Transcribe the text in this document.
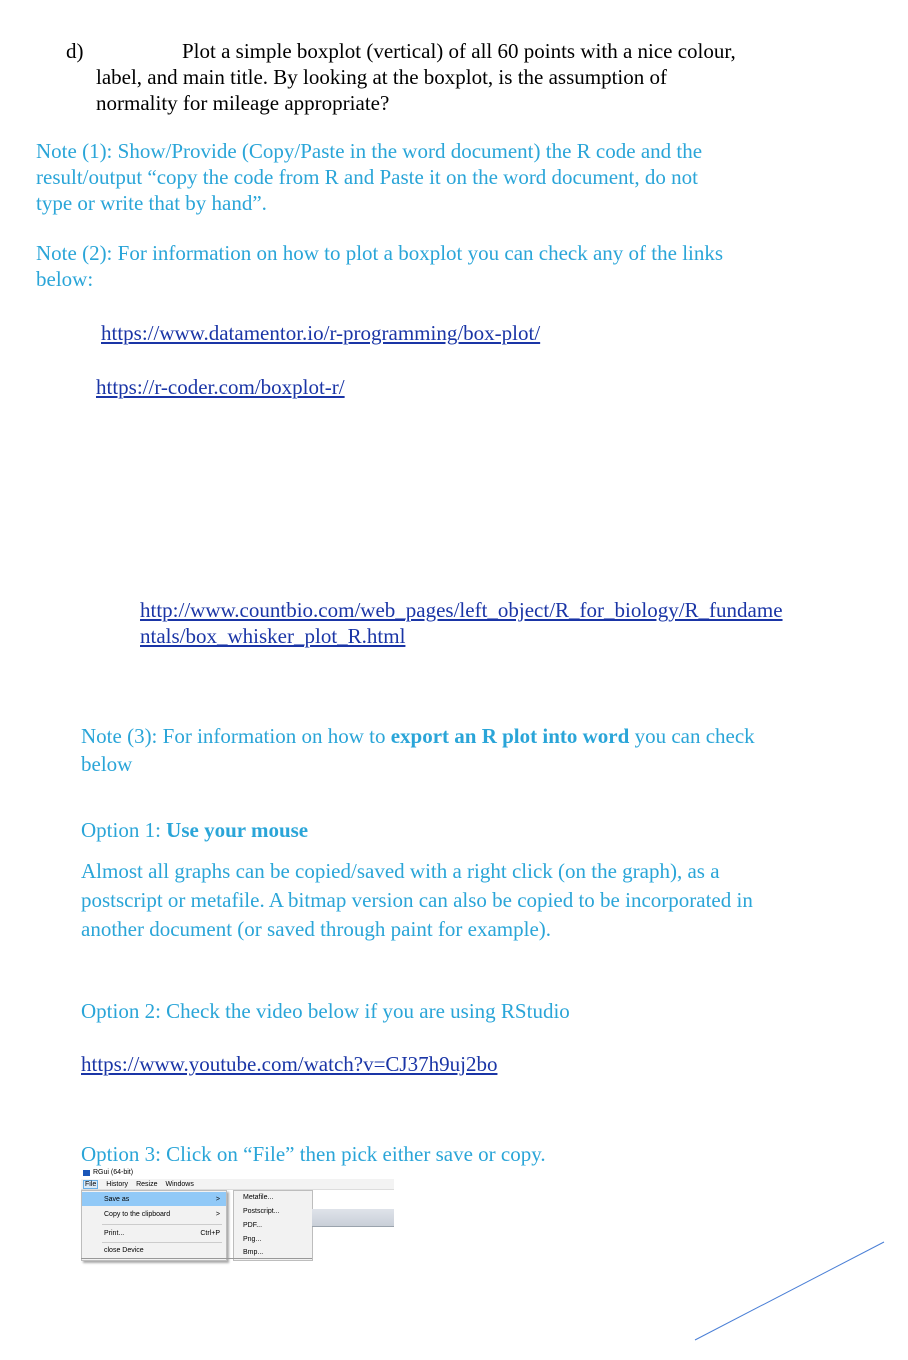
d)	Plot a simple boxplot (vertical) of all 60 points with a nice colour,
label, and main title. By looking at the boxplot, is the assumption of
normality for mileage appropriate?
Note (1): Show/Provide (Copy/Paste in the word document) the R code and the
result/output “copy the code from R and Paste it on the word document, do not
type or write that by hand”.
Note (2): For information on how to plot a boxplot you can check any of the links
below:
https://www.datamentor.io/r-programming/box-plot/
https://r-coder.com/boxplot-r/
http://www.countbio.com/web_pages/left_object/R_for_biology/R_fundame
ntals/box_whisker_plot_R.html
Note (3): For information on how to export an R plot into word you can check
below
Option 1: Use your mouse
Almost all graphs can be copied/saved with a right click (on the graph), as a
postscript or metafile. A bitmap version can also be copied to be incorporated in
another document (or saved through paint for example).
Option 2: Check the video below if you are using RStudio
https://www.youtube.com/watch?v=CJ37h9uj2bo
Option 3: Click on “File” then pick either save or copy.
RGui (64-bit)
File History Resize Windows
Save as	>
Copy to the clipboard	>
Print...	Ctrl+P
close Device
Metafile...
Postscript...
PDF...
Png...
Bmp...
